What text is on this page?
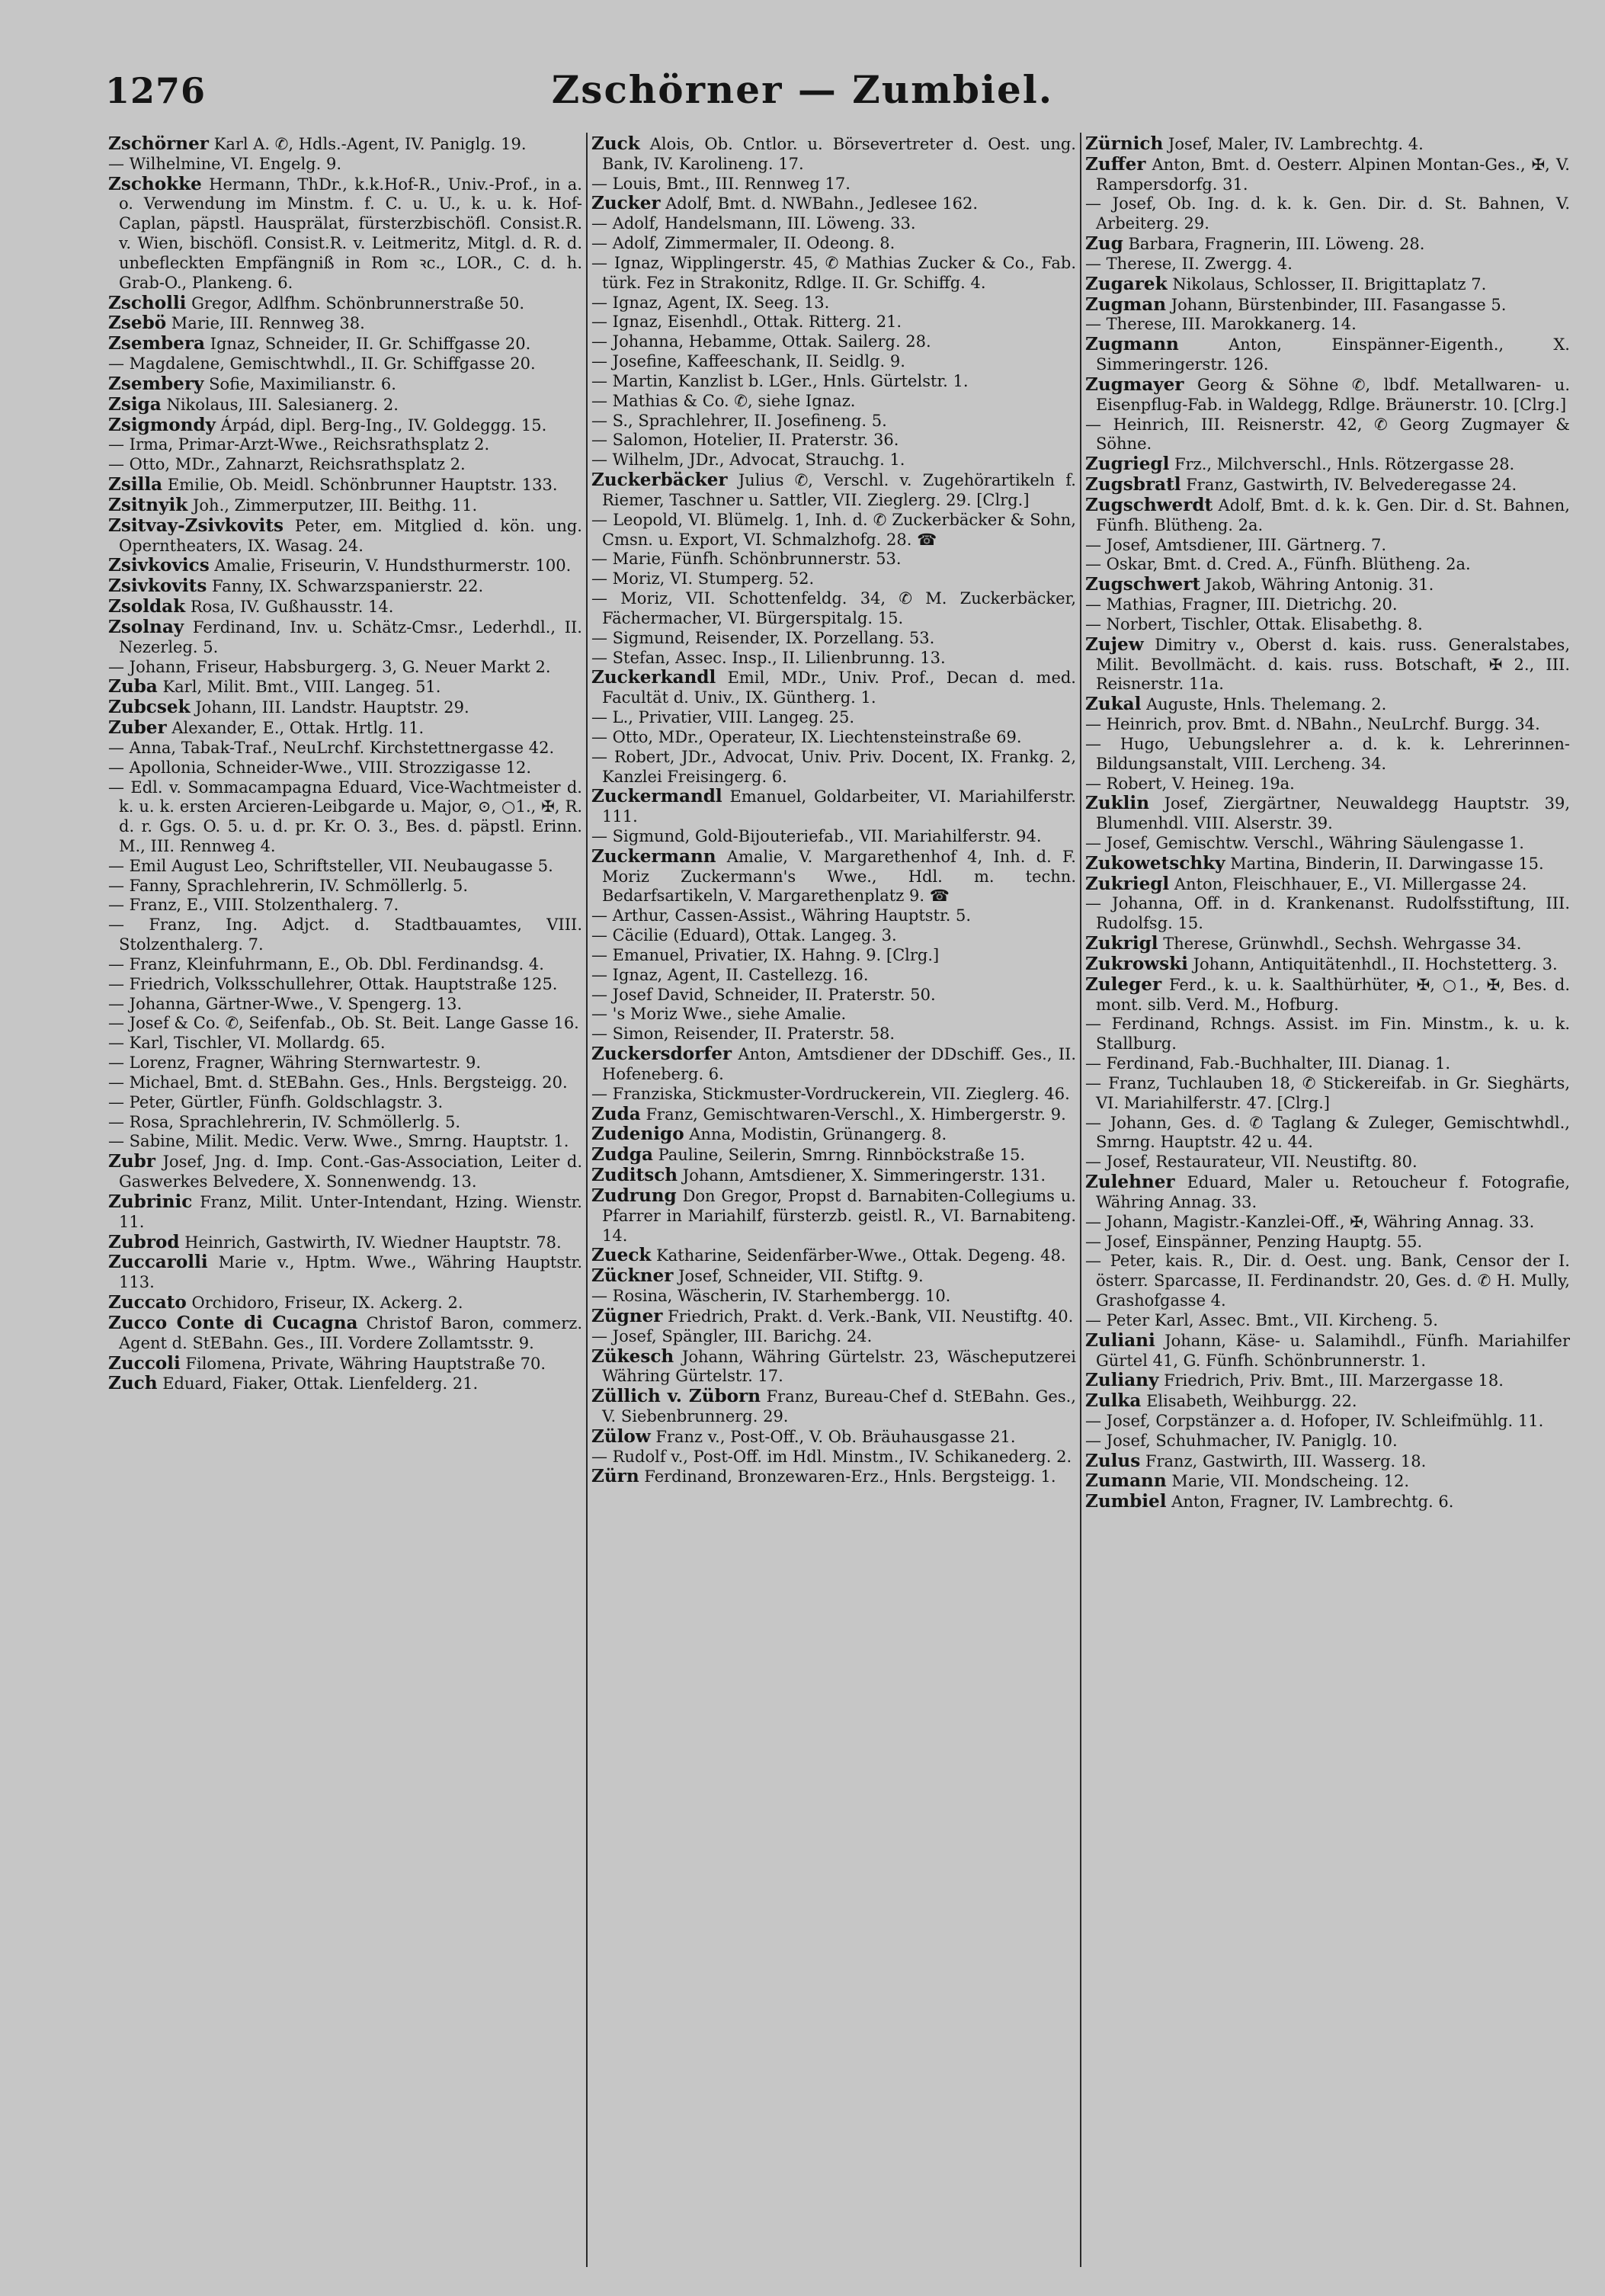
1276	Zschörner — Zumbiel.

Zschörner Karl A. ✆, Hdls.-Agent, IV. Paniglg. 19.

— Wilhelmine, VI. Engelg. 9.

Zschokke Hermann, ThDr., k.k.Hof-R., Univ.-Prof., in a. o. Verwendung im Minstm. f. C. u. U., k. u. k. Hof-Caplan, päpstl. Hausprälat, fürsterzbischöfl. Consist.R. v. Wien, bischöfl. Consist.R. v. Leitmeritz, Mitgl. d. R. d. unbefleckten Empfängniß in Rom ꝛc., LOR., C. d. h. Grab-O., Plankeng. 6.

Zscholli Gregor, Adlfhm. Schönbrunnerstraße 50.

Zsebö Marie, III. Rennweg 38.

Zsembera Ignaz, Schneider, II. Gr. Schiffgasse 20.

— Magdalene, Gemischtwhdl., II. Gr. Schiffgasse 20.

Zsembery Sofie, Maximilianstr. 6.

Zsiga Nikolaus, III. Salesianerg. 2.

Zsigmondy Árpád, dipl. Berg-Ing., IV. Goldeggg. 15.

— Irma, Primar-Arzt-Wwe., Reichsrathsplatz 2.

— Otto, MDr., Zahnarzt, Reichsrathsplatz 2.

Zsilla Emilie, Ob. Meidl. Schönbrunner Hauptstr. 133.

Zsitnyik Joh., Zimmerputzer, III. Beithg. 11.

Zsitvay-Zsivkovits Peter, em. Mitglied d. kön. ung. Opernthеaters, IX. Wasag. 24.

Zsivkovics Amalie, Friseurin, V. Hundsthurmerstr. 100.

Zsivkovits Fanny, IX. Schwarzspanierstr. 22.

Zsoldak Rosa, IV. Gußhausstr. 14.

Zsolnay Ferdinand, Inv. u. Schätz-Cmsr., Lederhdl., II. Nezerleg. 5.

— Johann, Friseur, Habsburgerg. 3, G. Neuer Markt 2.

Zuba Karl, Milit. Bmt., VIII. Langeg. 51.

Zubcsek Johann, III. Landstr. Hauptstr. 29.

Zuber Alexander, E., Ottak. Hrtlg. 11.

— Anna, Tabak-Traf., NeuLrchf. Kirchstettnergasse 42.

— Apollonia, Schneider-Wwe., VIII. Strozzigasse 12.

— Edl. v. Sommacampagna Eduard, Vice-Wachtmeister d. k. u. k. ersten Arcieren-Leibgarde u. Major, ⊙, ○1., ✠, R. d. r. Ggs. O. 5. u. d. pr. Kr. O. 3., Bes. d. päpstl. Erinn. M., III. Rennweg 4.

— Emil August Leo, Schriftsteller, VII. Neubaugasse 5.

— Fanny, Sprachlehrerin, IV. Schmöllerlg. 5.

— Franz, E., VIII. Stolzenthalerg. 7.

— Franz, Ing. Adjct. d. Stadtbauamtes, VIII. Stolzenthalerg. 7.

— Franz, Kleinfuhrmann, E., Ob. Dbl. Ferdinandsg. 4.

— Friedrich, Volksschullehrer, Ottak. Hauptstraße 125.

— Johanna, Gärtner-Wwe., V. Spengerg. 13.

— Josef & Co. ✆, Seifenfab., Ob. St. Beit. Lange Gasse 16.

— Karl, Tischler, VI. Mollardg. 65.

— Lorenz, Fragner, Währing Sternwartestr. 9.

— Michael, Bmt. d. StEBahn. Ges., Hnls. Bergsteigg. 20.

— Peter, Gürtler, Fünfh. Goldschlagstr. 3.

— Rosa, Sprachlehrerin, IV. Schmöllerlg. 5.

— Sabine, Milit. Medic. Verw. Wwe., Smrng. Hauptstr. 1.

Zubr Josef, Jng. d. Imp. Cont.-Gas-Association, Leiter d. Gaswerkes Belvedere, X. Sonnenwendg. 13.

Zubrinic Franz, Milit. Unter-Intendant, Hzing. Wienstr. 11.

Zubrod Heinrich, Gastwirth, IV. Wiedner Hauptstr. 78.

Zuccarolli Marie v., Hptm. Wwe., Währing Hauptstr. 113.

Zuccato Orchidoro, Friseur, IX. Ackerg. 2.

Zucco Conte di Cucagna Christof Baron, commerz. Agent d. StEBahn. Ges., III. Vordere Zollamtsstr. 9.

Zuccoli Filomena, Private, Währing Hauptstraße 70.

Zuch Eduard, Fiaker, Ottak. Lienfelderg. 21.

Zuck Alois, Ob. Cntlor. u. Börsevertreter d. Oest. ung. Bank, IV. Karolineng. 17.

— Louis, Bmt., III. Rennweg 17.

Zucker Adolf, Bmt. d. NWBahn., Jedlesee 162.

— Adolf, Handelsmann, III. Löweng. 33.

— Adolf, Zimmermaler, II. Odeong. 8.

— Ignaz, Wipplingerstr. 45, ✆ Mathias Zucker & Co., Fab. türk. Fez in Strakonitz, Rdlge. II. Gr. Schiffg. 4.

— Ignaz, Agent, IX. Seeg. 13.

— Ignaz, Eisenhdl., Ottak. Ritterg. 21.

— Johanna, Hebamme, Ottak. Sailerg. 28.

— Josefine, Kaffeeschank, II. Seidlg. 9.

— Martin, Kanzlist b. LGer., Hnls. Gürtelstr. 1.

— Mathias & Co. ✆, siehe Ignaz.

— S., Sprachlehrer, II. Josefineng. 5.

— Salomon, Hotelier, II. Praterstr. 36.

— Wilhelm, JDr., Advocat, Strauchg. 1.

Zuckerbäcker Julius ✆, Verschl. v. Zugehörartikeln f. Riemer, Taschner u. Sattler, VII. Zieglerg. 29. [Clrg.]

— Leopold, VI. Blümelg. 1, Inh. d. ✆ Zuckerbäcker & Sohn, Cmsn. u. Export, VI. Schmalzhofg. 28. ☎

— Marie, Fünfh. Schönbrunnerstr. 53.

— Moriz, VI. Stumperg. 52.

— Moriz, VII. Schottenfeldg. 34, ✆ M. Zuckerbäcker, Fächermacher, VI. Bürgerspitalg. 15.

— Sigmund, Reisender, IX. Porzellang. 53.

— Stefan, Assec. Insp., II. Lilienbrunng. 13.

Zuckerkandl Emil, MDr., Univ. Prof., Decan d. med. Facultät d. Univ., IX. Güntherg. 1.

— L., Privatier, VIII. Langeg. 25.

— Otto, MDr., Operateur, IX. Liechtensteinstraße 69.

— Robert, JDr., Advocat, Univ. Priv. Docent, IX. Frankg. 2, Kanzlei Freisingerg. 6.

Zuckermandl Emanuel, Goldarbeiter, VI. Mariahilferstr. 111.

— Sigmund, Gold-Bijouteriefab., VII. Mariahilferstr. 94.

Zuckermann Amalie, V. Margarethenhof 4, Inh. d. F. Moriz Zuckermann's Wwe., Hdl. m. techn. Bedarfsartikeln, V. Margarethenplatz 9. ☎

— Arthur, Cassen-Assist., Währing Hauptstr. 5.

— Cäcilie (Eduard), Ottak. Langeg. 3.

— Emanuel, Privatier, IX. Hahng. 9. [Clrg.]

— Ignaz, Agent, II. Castellezg. 16.

— Josef David, Schneider, II. Praterstr. 50.

— 's Moriz Wwe., siehe Amalie.

— Simon, Reisender, II. Praterstr. 58.

Zuckersdorfer Anton, Amtsdiener der DDschiff. Ges., II. Hofeneberg. 6.

— Franziska, Stickmuster-Vordruckerein, VII. Zieglerg. 46.

Zuda Franz, Gemischtwaren-Verschl., X. Himbergerstr. 9.

Zudenigo Anna, Modistin, Grünangerg. 8.

Zudga Pauline, Seilerin, Smrng. Rinnböckstraße 15.

Zuditsch Johann, Amtsdiener, X. Simmeringerstr. 131.

Zudrung Don Gregor, Propst d. Barnabiten-Collegiums u. Pfarrer in Mariahilf, fürsterzb. geistl. R., VI. Barnabiteng. 14.

Zueck Katharine, Seidenfärber-Wwe., Ottak. Degeng. 48.

Zückner Josef, Schneider, VII. Stiftg. 9.

— Rosina, Wäscherin, IV. Starhembergg. 10.

Zügner Friedrich, Prakt. d. Verk.-Bank, VII. Neustiftg. 40.

— Josef, Spängler, III. Barichg. 24.

Zükesch Johann, Währing Gürtelstr. 23, Wäscheputzerei Währing Gürtelstr. 17.

Züllich v. Züborn Franz, Bureau-Chef d. StEBahn. Ges., V. Siebenbrunnerg. 29.

Zülow Franz v., Post-Off., V. Ob. Bräuhausgasse 21.

— Rudolf v., Post-Off. im Hdl. Minstm., IV. Schikanederg. 2.

Zürn Ferdinand, Bronzewaren-Erz., Hnls. Bergsteigg. 1.

Zürnich Josef, Maler, IV. Lambrechtg. 4.

Zuffer Anton, Bmt. d. Oesterr. Alpinen Montan-Ges., ✠, V. Rampersdorfg. 31.

— Josef, Ob. Ing. d. k. k. Gen. Dir. d. St. Bahnen, V. Arbeiterg. 29.

Zug Barbara, Fragnerin, III. Löweng. 28.

— Therese, II. Zwergg. 4.

Zugarek Nikolaus, Schlosser, II. Brigittaplatz 7.

Zugman Johann, Bürstenbinder, III. Fasangasse 5.

— Therese, III. Marokkanerg. 14.

Zugmann	Anton, Einspänner-Eigenth., X. Simmeringerstr. 126.

Zugmayer Georg & Söhne ✆, lbdf. Metallwaren- u. Eisenpflug-Fab. in Waldegg, Rdlge. Bräunerstr. 10. [Clrg.]

— Heinrich, III. Reisnerstr. 42, ✆ Georg Zugmayer & Söhne.

Zugriegl Frz., Milchverschl., Hnls. Rötzergasse 28.

Zugsbratl Franz, Gastwirth, IV. Belvederegasse 24.

Zugschwerdt Adolf, Bmt. d. k. k. Gen. Dir. d. St. Bahnen, Fünfh. Blütheng. 2a.

— Josef, Amtsdiener, III. Gärtnerg. 7.

— Oskar, Bmt. d. Cred. A., Fünfh. Blütheng. 2a.

Zugschwert Jakob, Währing Antonig. 31.

— Mathias, Fragner, III. Dietrichg. 20.

— Norbert, Tischler, Ottak. Elisabethg. 8.

Zujew Dimitry v., Oberst d. kais. russ. Generalstabes, Milit. Bevollmächt. d. kais. russ. Botschaft, ✠ 2., III. Reisnerstr. 11a.

Zukal Auguste, Hnls. Thelemang. 2.

— Heinrich, prov. Bmt. d. NBahn., NeuLrchf. Burgg. 34.

— Hugo, Uebungslehrer a. d. k. k. Lehrerinnen-Bildungsanstalt, VIII. Lercheng. 34.

— Robert, V. Heineg. 19a.

Zuklin Josef, Ziergärtner, Neuwaldegg Hauptstr. 39, Blumenhdl. VIII. Alserstr. 39.

— Josef, Gemischtw. Verschl., Währing Säulengasse 1.

Zukowetschky Martina, Binderin, II. Darwingasse 15.

Zukriegl Anton, Fleischhauer, E., VI. Millergasse 24.

— Johanna, Off. in d. Krankenanst. Rudolfsstiftung, III. Rudolfsg. 15.

Zukrigl Therese, Grünwhdl., Sechsh. Wehrgasse 34.

Zukrowski Johann, Antiquitätenhdl., II. Hochstetterg. 3.

Zuleger Ferd., k. u. k. Saalthürhüter, ✠, ○1., ✠, Bes. d. mont. silb. Verd. M., Hofburg.

— Ferdinand, Rchngs. Assist. im Fin. Minstm., k. u. k. Stallburg.

— Ferdinand, Fab.-Buchhalter, III. Dianag. 1.

— Franz, Tuchlauben 18, ✆ Stickereifab. in Gr. Sieghärts, VI. Mariahilferstr. 47. [Clrg.]

— Johann, Ges. d. ✆ Taglang & Zuleger, Gemischtwhdl., Smrng. Hauptstr. 42 u. 44.

— Josef, Restaurateur, VII. Neustiftg. 80.

Zulehner Eduard, Maler u. Retoucheur f. Fotografie, Währing Annag. 33.

— Johann, Magistr.-Kanzlei-Off., ✠, Währing Annag. 33.

— Josef, Einspänner, Penzing Hauptg. 55.

— Peter, kais. R., Dir. d. Oest. ung. Bank, Censor der I. österr. Sparcasse, II. Ferdinandstr. 20, Ges. d. ✆ H. Mully, Grashofgasse 4.

— Peter Karl, Assec. Bmt., VII. Kircheng. 5.

Zuliani Johann, Käse- u. Salamihdl., Fünfh. Mariahilfer Gürtel 41, G. Fünfh. Schönbrunnerstr. 1.

Zuliany Friedrich, Priv. Bmt., III. Marzergasse 18.

Zulka Elisabeth, Weihburgg. 22.

— Josef, Corpstänzer a. d. Hofoper, IV. Schleifmühlg. 11.

— Josef, Schuhmacher, IV. Paniglg. 10.

Zulus Franz, Gastwirth, III. Wasserg. 18.

Zumann Marie, VII. Mondscheing. 12.

Zumbiel Anton, Fragner, IV. Lambrechtg. 6.
